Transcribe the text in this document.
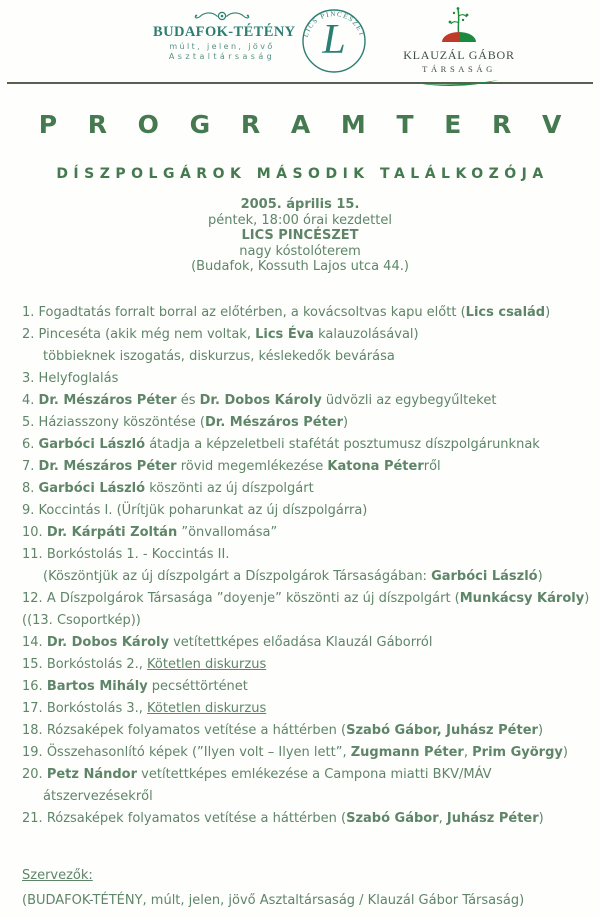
BUDAFOK-TÉTÉNY
múlt, jelen, jövő
Asztaltársaság	L
LICS PINCÉSZET
KLAUZÁL GÁBOR
TÁRSASÁG
P R O G R A M T E R V
DÍSZPOLGÁROK MÁSODIK TALÁLKOZÓJA
2005. április 15.
péntek, 18:00 órai kezdettel
LICS PINCÉSZET
nagy kóstolóterem
(Budafok, Kossuth Lajos utca 44.)
1. Fogadtatás forralt borral az előtérben, a kovácsoltvas kapu előtt (Lics család)
2. Pinceséta (akik még nem voltak, Lics Éva kalauzolásával)
többieknek iszogatás, diskurzus, késlekedők bevárása
3. Helyfoglalás
4. Dr. Mészáros Péter és Dr. Dobos Károly üdvözli az egybegyűlteket
5. Háziasszony köszöntése (Dr. Mészáros Péter)
6. Garbóci László átadja a képzeletbeli stafétát posztumusz díszpolgárunknak
7. Dr. Mészáros Péter rövid megemlékezése Katona Péterről
8. Garbóci László köszönti az új díszpolgárt
9. Koccintás I. (Ürítjük poharunkat az új díszpolgárra)
10. Dr. Kárpáti Zoltán ”önvallomása”
11. Borkóstolás 1. - Koccintás II.
(Köszöntjük az új díszpolgárt a Díszpolgárok Társaságában: Garbóci László)
12. A Díszpolgárok Társasága ”doyenje” köszönti az új díszpolgárt (Munkácsy Károly)
((13. Csoportkép))
14. Dr. Dobos Károly vetítettképes előadása Klauzál Gáborról
15. Borkóstolás 2., Kötetlen diskurzus
16. Bartos Mihály pecséttörténet
17. Borkóstolás 3., Kötetlen diskurzus
18. Rózsaképek folyamatos vetítése a háttérben (Szabó Gábor, Juhász Péter)
19. Összehasonlító képek (”Ilyen volt – Ilyen lett”, Zugmann Péter, Prim György)
20. Petz Nándor vetítettképes emlékezése a Campona miatti BKV/MÁV
átszervezésekről
21. Rózsaképek folyamatos vetítése a háttérben (Szabó Gábor, Juhász Péter)
Szervezők:
(BUDAFOK-TÉTÉNY, múlt, jelen, jövő Asztaltársaság / Klauzál Gábor Társaság)
